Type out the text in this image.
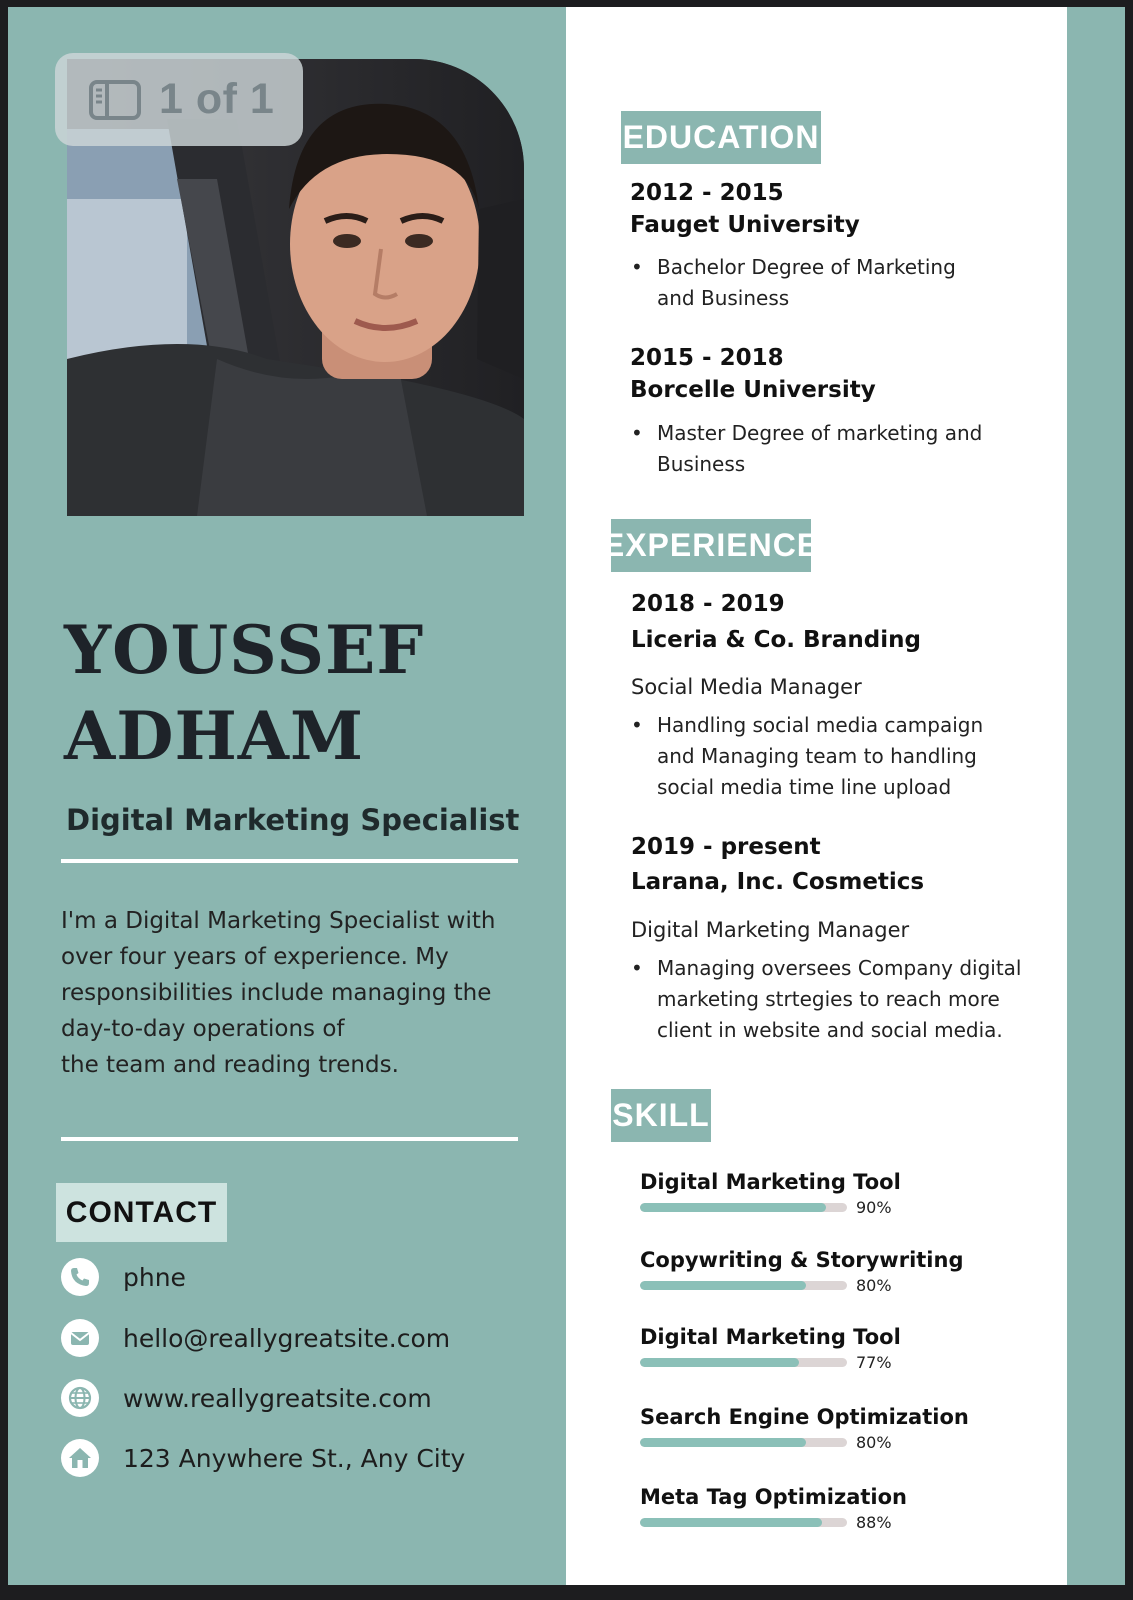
1 of 1
YOUSSEF
ADHAM
Digital Marketing Specialist
I'm a Digital Marketing Specialist with
over four years of experience. My
responsibilities include managing the
day-to-day operations of
the team and reading trends.
CONTACT
phne
hello@reallygreatsite.com
www.reallygreatsite.com
123 Anywhere St., Any City
EDUCATION
2012 - 2015
Fauget University
• Bachelor Degree of Marketing
and Business
2015 - 2018
Borcelle University
• Master Degree of marketing and
Business
EXPERIENCE
2018 - 2019
Liceria & Co. Branding
Social Media Manager
• Handling social media campaign
and Managing team to handling
social media time line upload
2019 - present
Larana, Inc. Cosmetics
Digital Marketing Manager
• Managing oversees Company digital
marketing strtegies to reach more
client in website and social media.
SKILL
Digital Marketing Tool
90%
Copywriting & Storywriting
80%
Digital Marketing Tool
77%
Search Engine Optimization
80%
Meta Tag Optimization
88%
